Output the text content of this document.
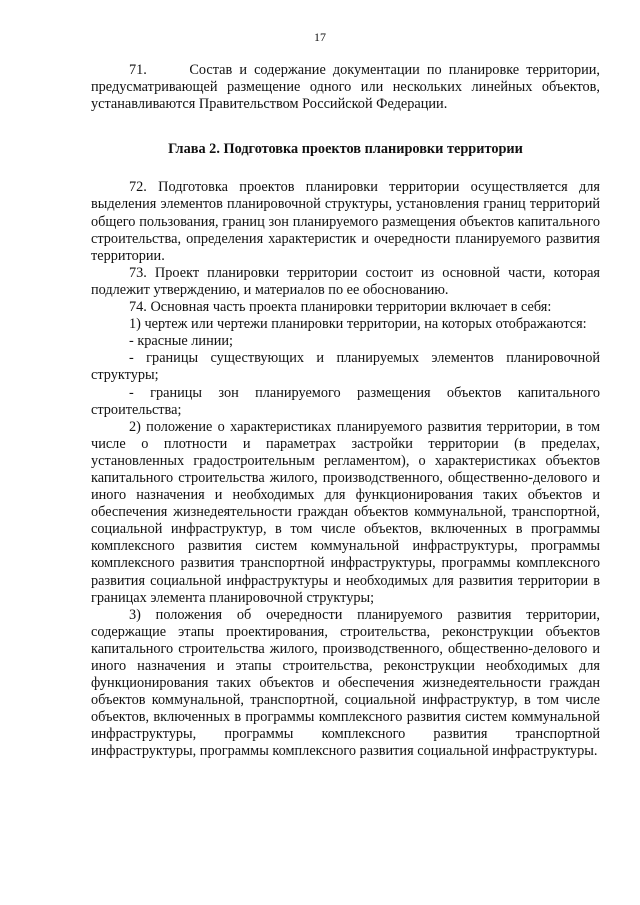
17

71.      Состав и содержание документации по планировке территории, предусматривающей размещение одного или нескольких линейных объектов, устанавливаются Правительством Российской Федерации.

Глава 2. Подготовка проектов планировки территории

72. Подготовка проектов планировки территории осуществляется для выделения элементов планировочной структуры, установления границ территорий общего пользования, границ зон планируемого размещения объектов капитального строительства, определения характеристик и очередности планируемого развития территории.

73. Проект планировки территории состоит из основной части, которая подлежит утверждению, и материалов по ее обоснованию.

74. Основная часть проекта планировки территории включает в себя:

1) чертеж или чертежи планировки территории, на которых отображаются:

- красные линии;

- границы существующих и планируемых элементов планировочной структуры;

- границы зон планируемого размещения объектов капитального строительства;

2) положение о характеристиках планируемого развития территории, в том числе о плотности и параметрах застройки территории (в пределах, установленных градостроительным регламентом), о характеристиках объектов капитального строительства жилого, производственного, общественно-делового и иного назначения и необходимых для функционирования таких объектов и обеспечения жизнедеятельности граждан объектов коммунальной, транспортной, социальной инфраструктур, в том числе объектов, включенных в программы комплексного развития систем коммунальной инфраструктуры, программы комплексного развития транспортной инфраструктуры, программы комплексного развития социальной инфраструктуры и необходимых для развития территории в границах элемента планировочной структуры;

3) положения об очередности планируемого развития территории, содержащие этапы проектирования, строительства, реконструкции объектов капитального строительства жилого, производственного, общественно-делового и иного назначения и этапы строительства, реконструкции необходимых для функционирования таких объектов и обеспечения жизнедеятельности граждан объектов коммунальной, транспортной, социальной инфраструктур, в том числе объектов, включенных в программы комплексного развития систем коммунальной инфраструктуры, программы комплексного развития транспортной инфраструктуры, программы комплексного развития социальной инфраструктуры.
